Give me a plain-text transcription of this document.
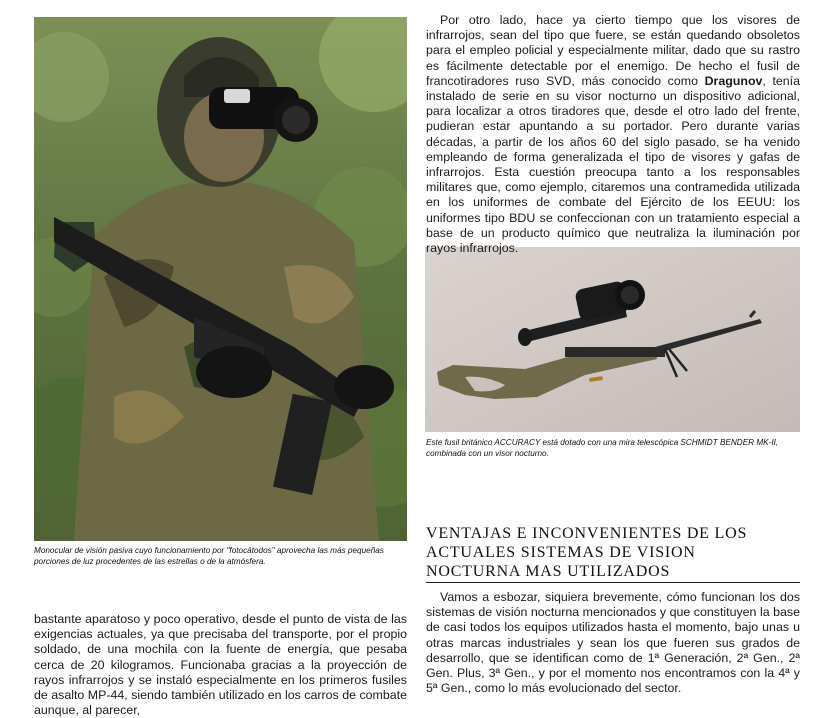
Por otro lado, hace ya cierto tiempo que los visores de infrarrojos, sean del tipo que fuere, se están quedando obsoletos para el empleo policial y especialmente militar, dado que su rastro es fácilmente detectable por el enemigo. De hecho el fusil de francotiradores ruso SVD, más conocido como Dragunov, tenía instalado de serie en su visor nocturno un dispositivo adicional, para localizar a otros tiradores que, desde el otro lado del frente, pudieran estar apuntando a su portador. Pero durante varias décadas, a partir de los años 60 del siglo pasado, se ha venido empleando de forma generalizada el tipo de visores y gafas de infrarrojos. Esta cuestión preocupa tanto a los responsables militares que, como ejemplo, citaremos una contramedida utilizada en los uniformes de combate del Ejército de los EEUU: los uniformes tipo BDU se confeccionan con un tratamiento especial a base de un producto químico que neutraliza la iluminación por rayos infrarrojos.

Monocular de visión pasiva cuyo funcionamiento por "fotocátodos" aprovecha las más pequeñas porciones de luz procedentes de las estrellas o de la atmósfera.

Este fusil británico ACCURACY está dotado con una mira telescópica SCHMIDT BENDER MK-II, combinada con un visor nocturno.

VENTAJAS E INCONVENIENTES DE LOS ACTUALES SISTEMAS DE VISION NOCTURNA MAS UTILIZADOS

bastante aparatoso y poco operativo, desde el punto de vista de las exigencias actuales, ya que precisaba del transporte, por el propio soldado, de una mochila con la fuente de energía, que pesaba cerca de 20 kilogramos. Funcionaba gracias a la proyección de rayos infrarrojos y se instaló especialmente en los primeros fusiles de asalto MP-44, siendo también utilizado en los carros de combate aunque, al parecer,

Vamos a esbozar, siquiera brevemente, cómo funcionan los dos sistemas de visión nocturna mencionados y que constituyen la base de casi todos los equipos utilizados hasta el momento, bajo unas u otras marcas industriales y sean los que fueren sus grados de desarrollo, que se identifican como de 1ª Generación, 2ª Gen., 2ª Gen. Plus, 3ª Gen., y por el momento nos encontramos con la 4ª y 5ª Gen., como lo más evolucionado del sector.
